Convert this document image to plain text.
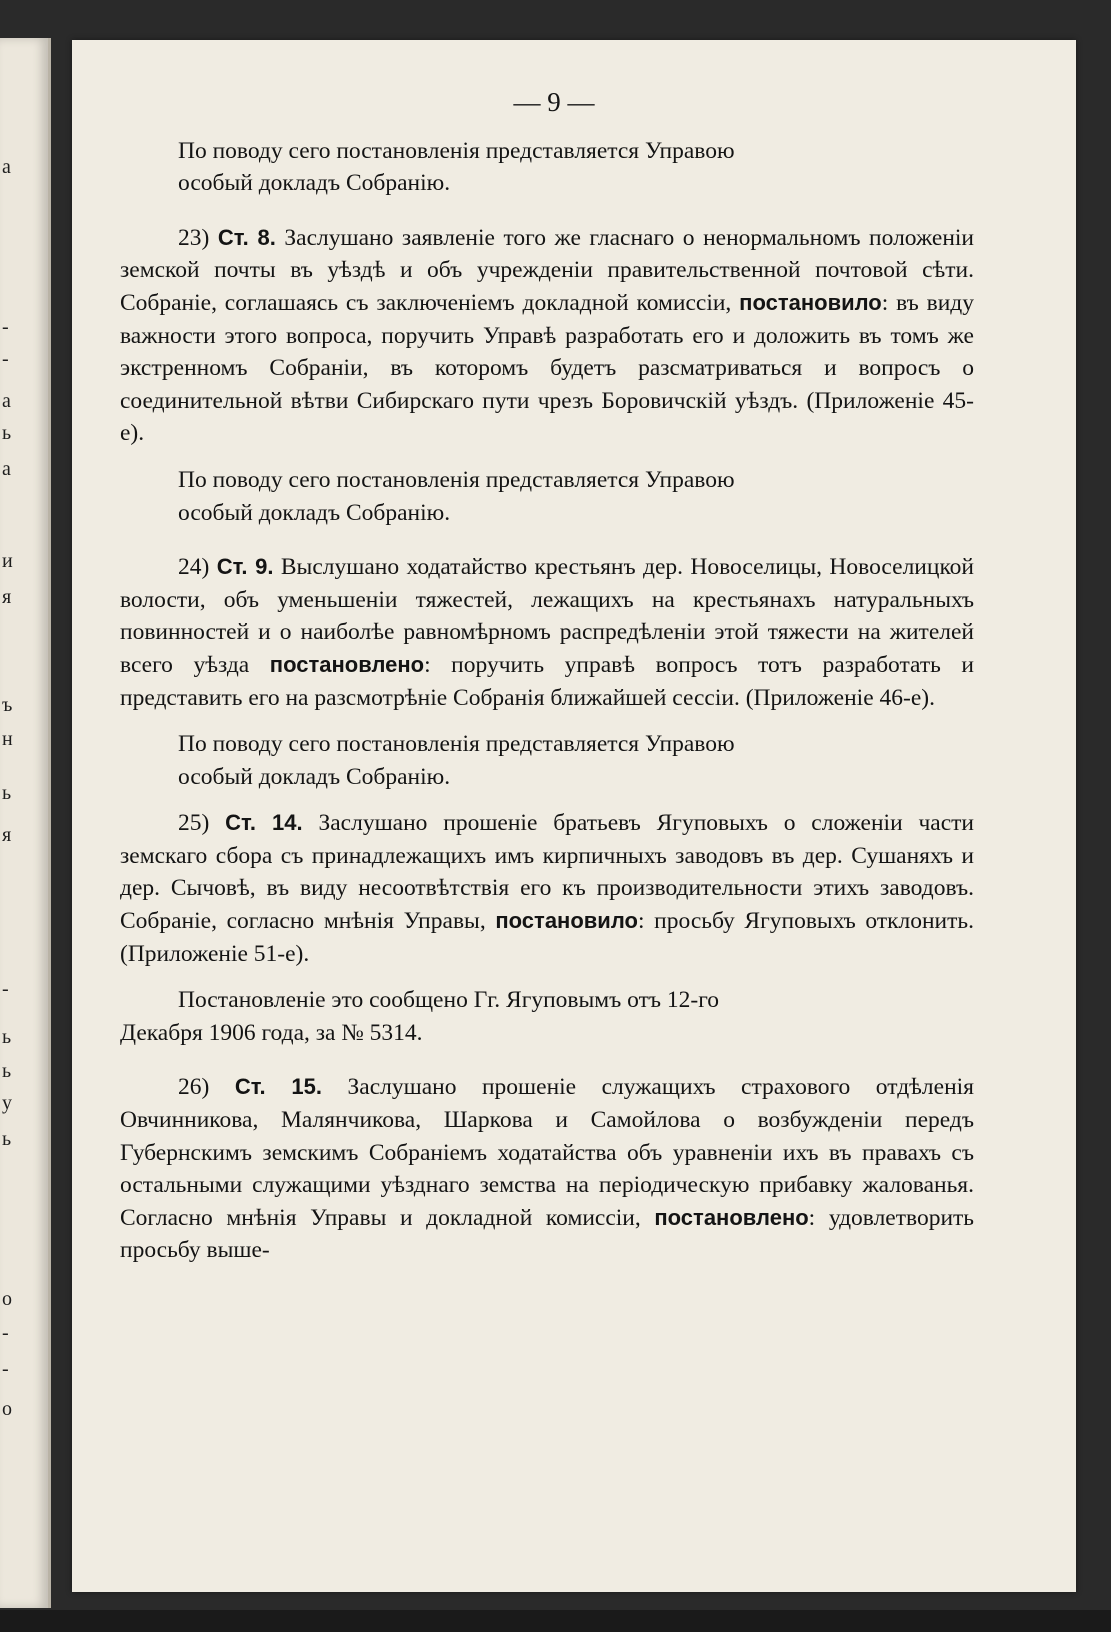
а
-
-
а
ь
а
и
я
ъ
н
ь
я
-
ь
ь
у
ь
о
-
-
о
— 9 —

По поводу сего постановленія представляется Управою
особый докладъ Собранію.

23) Ст. 8. Заслушано заявленіе того же гласнаго о ненормальномъ положеніи земской почты въ уѣздѣ и объ учрежденіи правительственной почтовой сѣти. Собраніе, соглашаясь съ заключеніемъ докладной комиссіи, постановило: въ виду важности этого вопроса, поручить Управѣ разработать его и доложить въ томъ же экстренномъ Собраніи, въ которомъ будетъ разсматриваться и вопросъ о соединительной вѣтви Сибирскаго пути чрезъ Боровичскій уѣздъ. (Приложеніе 45-е).

По поводу сего постановленія представляется Управою
особый докладъ Собранію.

24) Ст. 9. Выслушано ходатайство крестьянъ дер. Новоселицы, Новоселицкой волости, объ уменьшеніи тяжестей, лежащихъ на крестьянахъ натуральныхъ повинностей и о наиболѣе равномѣрномъ распредѣленіи этой тяжести на жителей всего уѣзда постановлено: поручить управѣ вопросъ тотъ разработать и представить его на разсмотрѣніе Собранія ближайшей сессіи. (Приложеніе 46-е).

По поводу сего постановленія представляется Управою
особый докладъ Собранію.

25) Ст. 14. Заслушано прошеніе братьевъ Ягуповыхъ о сложеніи части земскаго сбора съ принадлежащихъ имъ кирпичныхъ заводовъ въ дер. Сушаняхъ и дер. Сычовѣ, въ виду несоотвѣтствія его къ производительности этихъ заводовъ. Собраніе, согласно мнѣнія Управы, постановило: просьбу Ягуповыхъ отклонить. (Приложеніе 51-е).

Постановленіе это сообщено Гг. Ягуповымъ отъ 12-го
Декабря 1906 года, за № 5314.

26) Ст. 15. Заслушано прошеніе служащихъ страхового отдѣленія Овчинникова, Малянчикова, Шаркова и Самойлова о возбужденіи передъ Губернскимъ земскимъ Собраніемъ ходатайства объ уравненіи ихъ въ правахъ съ остальными служащими уѣзднаго земства на періодическую прибавку жалованья. Согласно мнѣнія Управы и докладной комиссіи, постановлено: удовлетворить просьбу выше-
